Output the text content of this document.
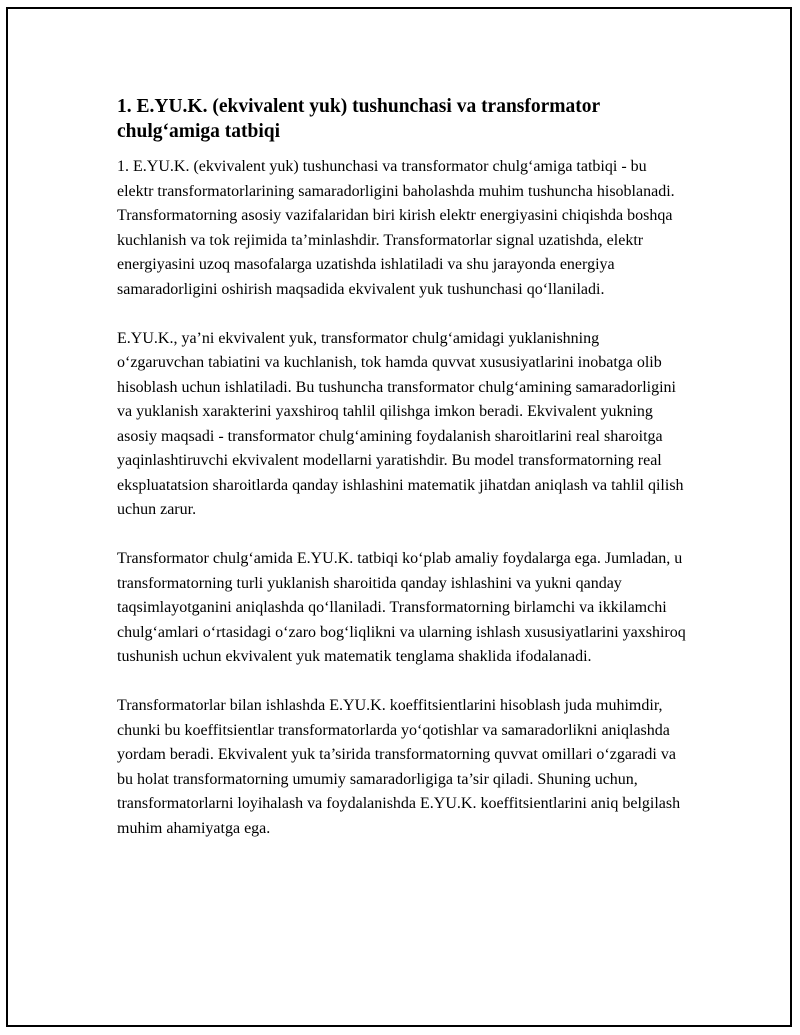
1. E.YU.K. (ekvivalent yuk) tushunchasi va transformator chulg‘amiga tatbiqi

1. E.YU.K. (ekvivalent yuk) tushunchasi va transformator chulg‘amiga tatbiqi - bu elektr transformatorlarining samaradorligini baholashda muhim tushuncha hisoblanadi. Transformatorning asosiy vazifalaridan biri kirish elektr energiyasini chiqishda boshqa kuchlanish va tok rejimida ta’minlashdir. Transformatorlar signal uzatishda, elektr energiyasini uzoq masofalarga uzatishda ishlatiladi va shu jarayonda energiya samaradorligini oshirish maqsadida ekvivalent yuk tushunchasi qo‘llaniladi.

E.YU.K., ya’ni ekvivalent yuk, transformator chulg‘amidagi yuklanishning o‘zgaruvchan tabiatini va kuchlanish, tok hamda quvvat xususiyatlarini inobatga olib hisoblash uchun ishlatiladi. Bu tushuncha transformator chulg‘amining samaradorligini va yuklanish xarakterini yaxshiroq tahlil qilishga imkon beradi. Ekvivalent yukning asosiy maqsadi - transformator chulg‘amining foydalanish sharoitlarini real sharoitga yaqinlashtiruvchi ekvivalent modellarni yaratishdir. Bu model transformatorning real ekspluatatsion sharoitlarda qanday ishlashini matematik jihatdan aniqlash va tahlil qilish uchun zarur.

Transformator chulg‘amida E.YU.K. tatbiqi ko‘plab amaliy foydalarga ega. Jumladan, u transformatorning turli yuklanish sharoitida qanday ishlashini va yukni qanday taqsimlayotganini aniqlashda qo‘llaniladi. Transformatorning birlamchi va ikkilamchi chulg‘amlari o‘rtasidagi o‘zaro bog‘liqlikni va ularning ishlash xususiyatlarini yaxshiroq tushunish uchun ekvivalent yuk matematik tenglama shaklida ifodalanadi.

Transformatorlar bilan ishlashda E.YU.K. koeffitsientlarini hisoblash juda muhimdir, chunki bu koeffitsientlar transformatorlarda yo‘qotishlar va samaradorlikni aniqlashda yordam beradi. Ekvivalent yuk ta’sirida transformatorning quvvat omillari o‘zgaradi va bu holat transformatorning umumiy samaradorligiga ta’sir qiladi. Shuning uchun, transformatorlarni loyihalash va foydalanishda E.YU.K. koeffitsientlarini aniq belgilash muhim ahamiyatga ega.
